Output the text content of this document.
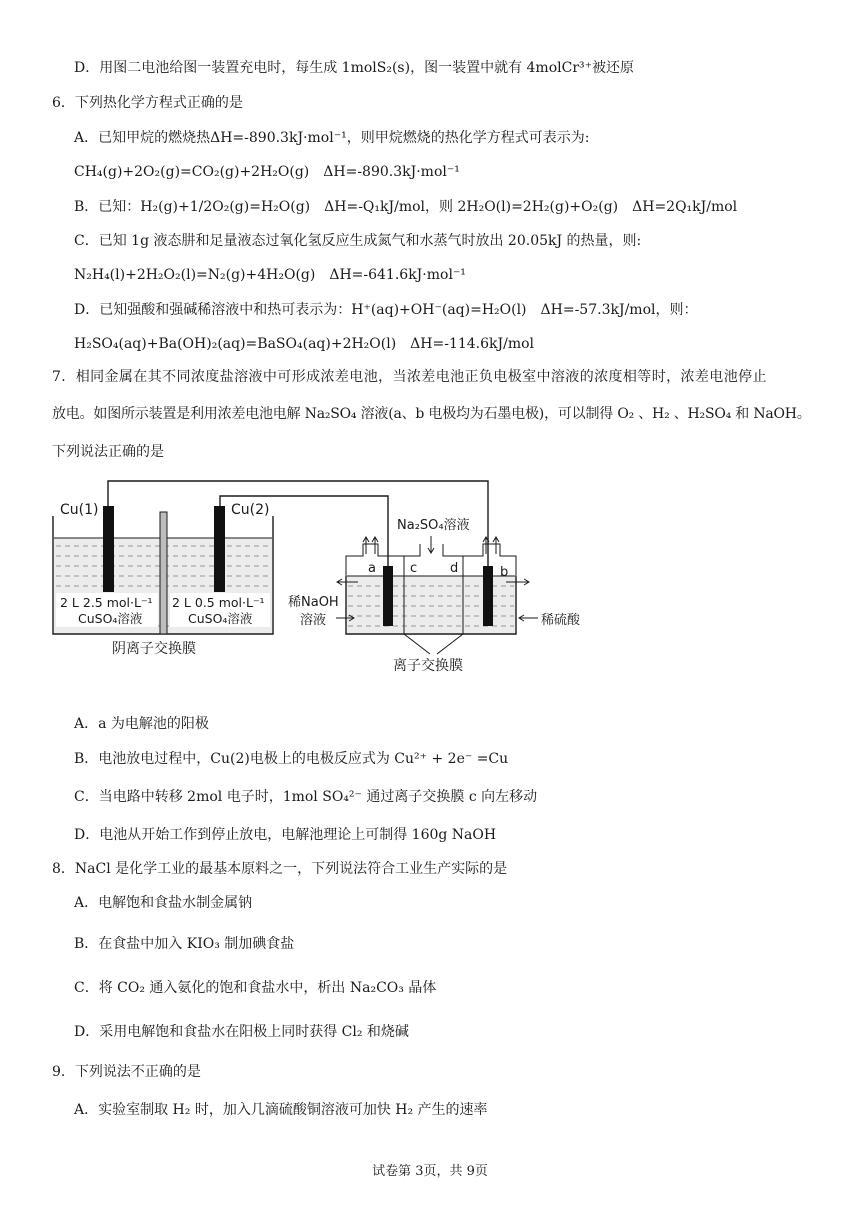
D．用图二电池给图一装置充电时，每生成 1molS₂(s)，图一装置中就有 4molCr³⁺被还原
6．下列热化学方程式正确的是
A．已知甲烷的燃烧热ΔH=-890.3kJ·mol⁻¹，则甲烷燃烧的热化学方程式可表示为:
CH₄(g)+2O₂(g)=CO₂(g)+2H₂O(g)　ΔH=-890.3kJ·mol⁻¹
B．已知：H₂(g)+1/2O₂(g)=H₂O(g)　ΔH=-Q₁kJ/mol，则 2H₂O(l)=2H₂(g)+O₂(g)　ΔH=2Q₁kJ/mol
C．已知 1g 液态肼和足量液态过氧化氢反应生成氮气和水蒸气时放出 20.05kJ 的热量，则:
N₂H₄(l)+2H₂O₂(l)=N₂(g)+4H₂O(g)　ΔH=-641.6kJ·mol⁻¹
D．已知强酸和强碱稀溶液中和热可表示为：H⁺(aq)+OH⁻(aq)=H₂O(l)　ΔH=-57.3kJ/mol，则：
H₂SO₄(aq)+Ba(OH)₂(aq)=BaSO₄(aq)+2H₂O(l)　ΔH=-114.6kJ/mol
7．相同金属在其不同浓度盐溶液中可形成浓差电池，当浓差电池正负电极室中溶液的浓度相等时，浓差电池停止
放电。如图所示装置是利用浓差电池电解 Na₂SO₄ 溶液(a、b 电极均为石墨电极)，可以制得 O₂ 、H₂ 、H₂SO₄ 和 NaOH。
下列说法正确的是
Cu(1)	Cu(2)
2 L 2.5 mol·L⁻¹
CuSO₄溶液
2 L 0.5 mol·L⁻¹
CuSO₄溶液
阴离子交换膜
a	b
c	d
Na₂SO₄溶液
稀NaOH
溶液	稀硫酸
离子交换膜
A．a 为电解池的阳极
B．电池放电过程中，Cu(2)电极上的电极反应式为 Cu²⁺ + 2e⁻ =Cu
C．当电路中转移 2mol 电子时，1mol SO₄²⁻ 通过离子交换膜 c 向左移动
D．电池从开始工作到停止放电，电解池理论上可制得 160g NaOH
8．NaCl 是化学工业的最基本原料之一，下列说法符合工业生产实际的是
A．电解饱和食盐水制金属钠
B．在食盐中加入 KIO₃ 制加碘食盐
C．将 CO₂ 通入氨化的饱和食盐水中，析出 Na₂CO₃ 晶体
D．采用电解饱和食盐水在阳极上同时获得 Cl₂ 和烧碱
9．下列说法不正确的是
A．实验室制取 H₂ 时，加入几滴硫酸铜溶液可加快 H₂ 产生的速率
试卷第 3页，共 9页
